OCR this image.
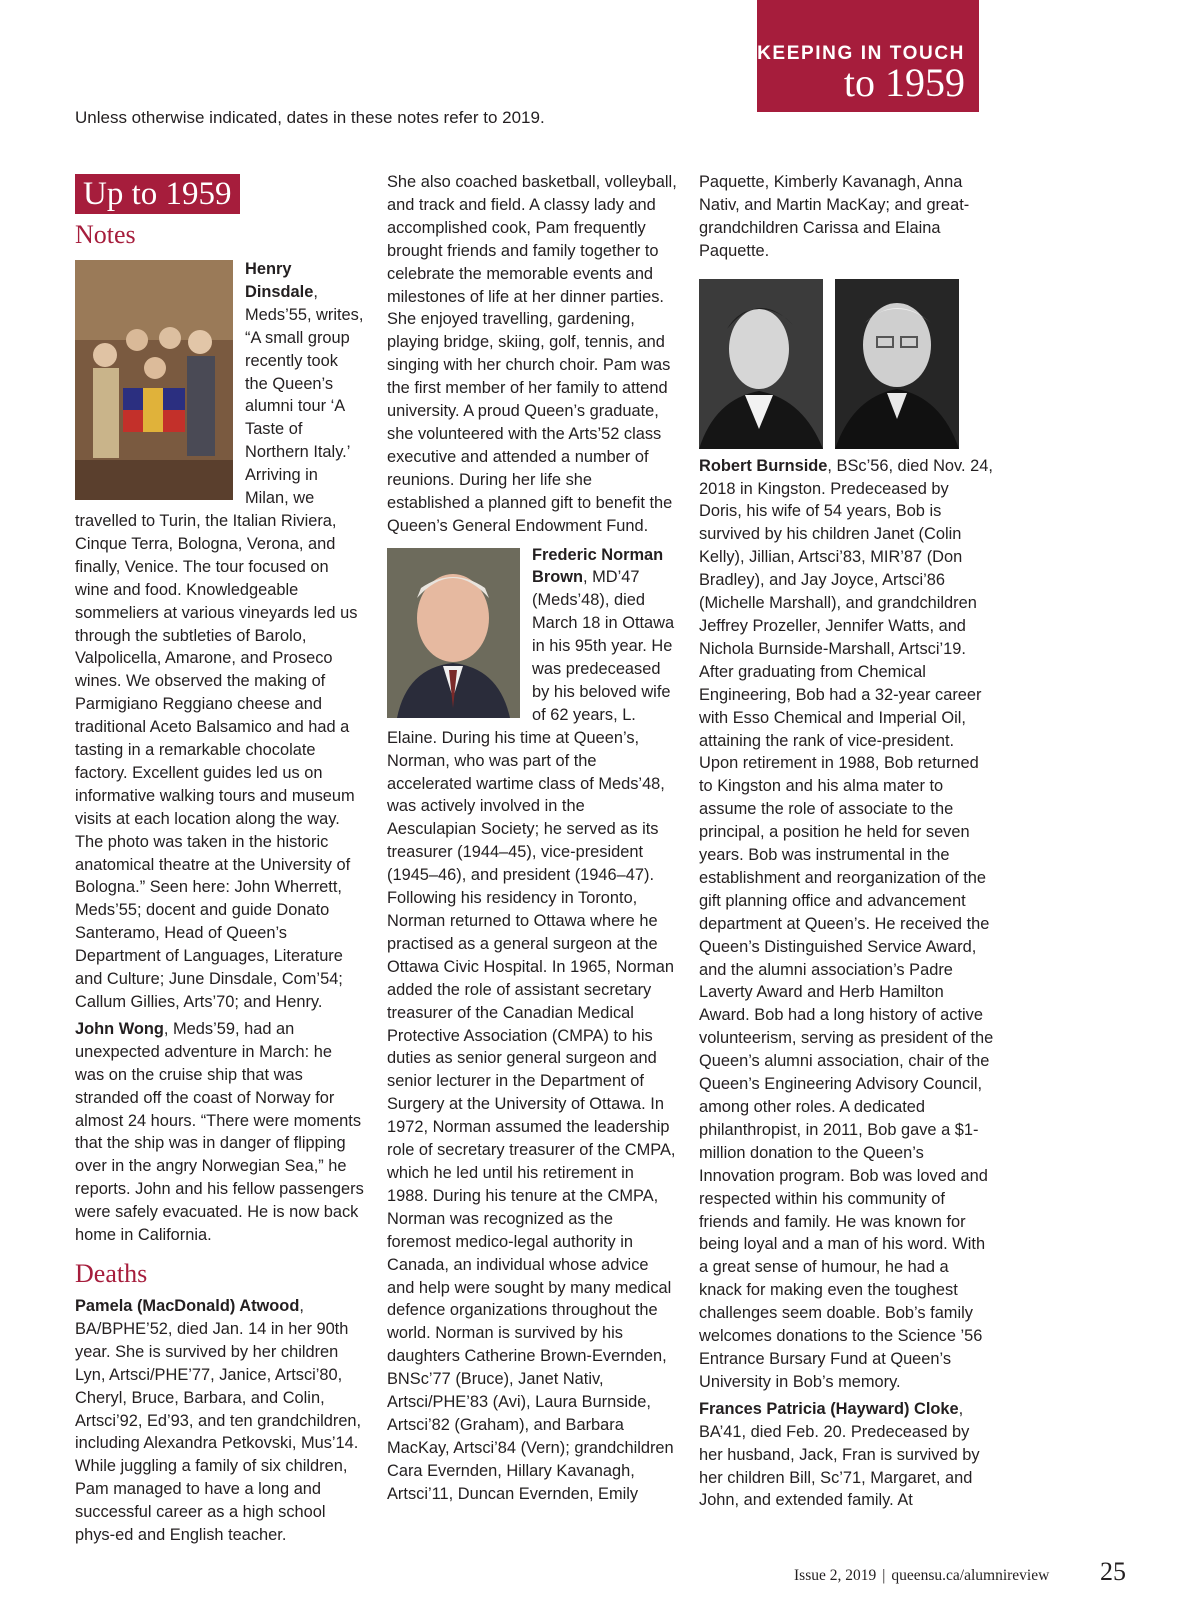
KEEPING IN TOUCH
to 1959
Unless otherwise indicated, dates in these notes refer to 2019.
Up to 1959
Notes

Henry Dinsdale, Meds’55, writes, “A small group recently took the Queen’s alumni tour ‘A Taste of Northern Italy.’ Arriving in Milan, we travelled to Turin, the Italian Riviera, Cinque Terra, Bologna, Verona, and finally, Venice. The tour focused on wine and food. Knowledgeable sommeliers at various vineyards led us through the subtleties of Barolo, Valpolicella, Amarone, and Proseco wines. We observed the making of Parmigiano Reggiano cheese and traditional Aceto Balsamico and had a tasting in a remarkable chocolate factory. Excellent guides led us on informative walking tours and museum visits at each location along the way. The photo was taken in the historic anatomical theatre at the University of Bologna.” Seen here: John Wherrett, Meds’55; docent and guide Donato Santeramo, Head of Queen’s Department of Languages, Literature and Culture; June Dinsdale, Com’54; Callum Gillies, Arts’70; and Henry.

John Wong, Meds’59, had an unexpected adventure in March: he was on the cruise ship that was stranded off the coast of Norway for almost 24 hours. “There were moments that the ship was in danger of flipping over in the angry Norwegian Sea,” he reports. John and his fellow passengers were safely evacuated. He is now back home in California.

Deaths

Pamela (MacDonald) Atwood, BA/BPHE’52, died Jan. 14 in her 90th year. She is survived by her children Lyn, Artsci/PHE’77, Janice, Artsci’80, Cheryl, Bruce, Barbara, and Colin, Artsci’92, Ed’93, and ten grandchildren, including Alexandra Petkovski, Mus’14. While juggling a family of six children, Pam managed to have a long and successful career as a high school phys-ed and English teacher.

She also coached basketball, volleyball, and track and field. A classy lady and accomplished cook, Pam frequently brought friends and family together to celebrate the memorable events and milestones of life at her dinner parties. She enjoyed travelling, gardening, playing bridge, skiing, golf, tennis, and singing with her church choir. Pam was the first member of her family to attend university. A proud Queen’s graduate, she volunteered with the Arts’52 class executive and attended a number of reunions. During her life she established a planned gift to benefit the Queen’s General Endowment Fund.

Frederic Norman Brown, MD’47 (Meds’48), died March 18 in Ottawa in his 95th year. He was predeceased by his beloved wife of 62 years, L. Elaine. During his time at Queen’s, Norman, who was part of the accelerated wartime class of Meds’48, was actively involved in the Aesculapian Society; he served as its treasurer (1944–45), vice-president (1945–46), and president (1946–47). Following his residency in Toronto, Norman returned to Ottawa where he practised as a general surgeon at the Ottawa Civic Hospital. In 1965, Norman added the role of assistant secretary treasurer of the Canadian Medical Protective Association (CMPA) to his duties as senior general surgeon and senior lecturer in the Department of Surgery at the University of Ottawa. In 1972, Norman assumed the leadership role of secretary treasurer of the CMPA, which he led until his retirement in 1988. During his tenure at the CMPA, Norman was recognized as the foremost medico-legal authority in Canada, an individual whose advice and help were sought by many medical defence organizations throughout the world. Norman is survived by his daughters Catherine Brown-Evernden, BNSc’77 (Bruce), Janet Nativ, Artsci/PHE’83 (Avi), Laura Burnside, Artsci’82 (Graham), and Barbara MacKay, Artsci’84 (Vern); grandchildren Cara Evernden, Hillary Kavanagh, Artsci’11, Duncan Evernden, Emily

Paquette, Kimberly Kavanagh, Anna Nativ, and Martin MacKay; and great-grandchildren Carissa and Elaina Paquette.

Robert Burnside, BSc’56, died Nov. 24, 2018 in Kingston. Predeceased by Doris, his wife of 54 years, Bob is survived by his children Janet (Colin Kelly), Jillian, Artsci’83, MIR’87 (Don Bradley), and Jay Joyce, Artsci’86 (Michelle Marshall), and grandchildren Jeffrey Prozeller, Jennifer Watts, and Nichola Burnside-Marshall, Artsci’19. After graduating from Chemical Engineering, Bob had a 32-year career with Esso Chemical and Imperial Oil, attaining the rank of vice-president. Upon retirement in 1988, Bob returned to Kingston and his alma mater to assume the role of associate to the principal, a position he held for seven years. Bob was instrumental in the establishment and reorganization of the gift planning office and advancement department at Queen’s. He received the Queen’s Distinguished Service Award, and the alumni association’s Padre Laverty Award and Herb Hamilton Award. Bob had a long history of active volunteerism, serving as president of the Queen’s alumni association, chair of the Queen’s Engineering Advisory Council, among other roles. A dedicated philanthropist, in 2011, Bob gave a $1-million donation to the Queen’s Innovation program. Bob was loved and respected within his community of friends and family. He was known for being loyal and a man of his word. With a great sense of humour, he had a knack for making even the toughest challenges seem doable. Bob’s family welcomes donations to the Science ’56 Entrance Bursary Fund at Queen’s University in Bob’s memory.

Frances Patricia (Hayward) Cloke, BA’41, died Feb. 20. Predeceased by her husband, Jack, Fran is survived by her children Bill, Sc’71, Margaret, and John, and extended family. At

Issue 2, 2019 | queensu.ca/alumnireview 25
